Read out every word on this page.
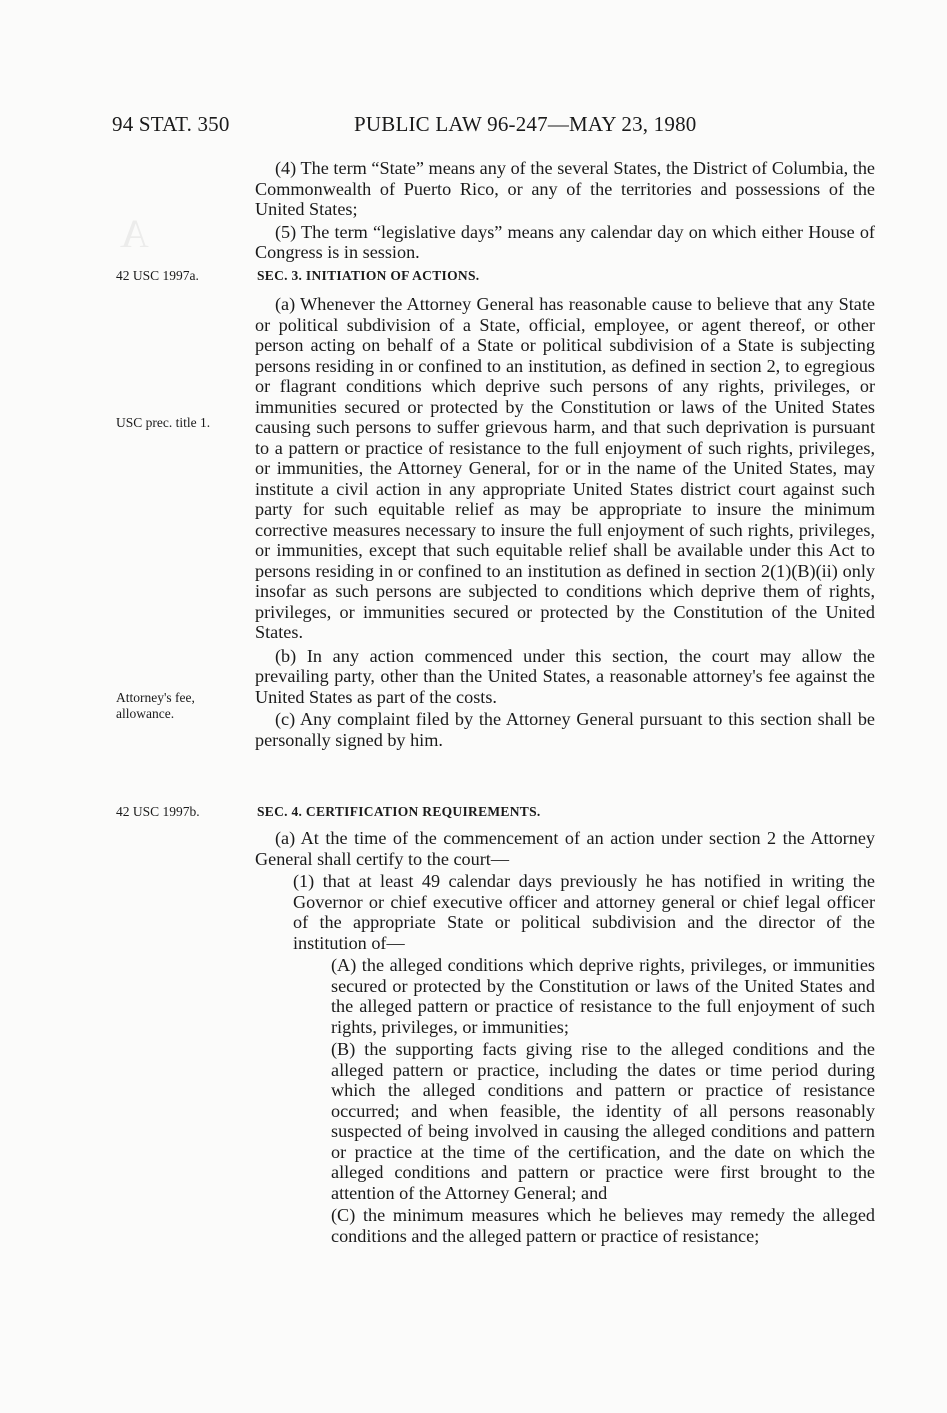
A
94 STAT. 350	PUBLIC LAW 96-247—MAY 23, 1980
42 USC 1997a.
USC prec. title 1.
Attorney's fee,
allowance.
42 USC 1997b.

(4) The term “State” means any of the several States, the District of Columbia, the Commonwealth of Puerto Rico, or any of the territories and possessions of the United States;

(5) The term “legislative days” means any calendar day on which either House of Congress is in session.

SEC. 3. INITIATION OF ACTIONS.

(a) Whenever the Attorney General has reasonable cause to believe that any State or political subdivision of a State, official, employee, or agent thereof, or other person acting on behalf of a State or political subdivision of a State is subjecting persons residing in or confined to an institution, as defined in section 2, to egregious or flagrant conditions which deprive such persons of any rights, privileges, or immunities secured or protected by the Constitution or laws of the United States causing such persons to suffer grievous harm, and that such deprivation is pursuant to a pattern or practice of resistance to the full enjoyment of such rights, privileges, or immunities, the Attorney General, for or in the name of the United States, may institute a civil action in any appropriate United States district court against such party for such equitable relief as may be appropriate to insure the minimum corrective measures necessary to insure the full enjoyment of such rights, privileges, or immunities, except that such equitable relief shall be available under this Act to persons residing in or confined to an institution as defined in section 2(1)(B)(ii) only insofar as such persons are subjected to conditions which deprive them of rights, privileges, or immunities secured or protected by the Constitution of the United States.

(b) In any action commenced under this section, the court may allow the prevailing party, other than the United States, a reasonable attorney's fee against the United States as part of the costs.

(c) Any complaint filed by the Attorney General pursuant to this section shall be personally signed by him.

SEC. 4. CERTIFICATION REQUIREMENTS.

(a) At the time of the commencement of an action under section 2 the Attorney General shall certify to the court—

(1) that at least 49 calendar days previously he has notified in writing the Governor or chief executive officer and attorney general or chief legal officer of the appropriate State or political subdivision and the director of the institution of—

(A) the alleged conditions which deprive rights, privileges, or immunities secured or protected by the Constitution or laws of the United States and the alleged pattern or practice of resistance to the full enjoyment of such rights, privileges, or immunities;

(B) the supporting facts giving rise to the alleged conditions and the alleged pattern or practice, including the dates or time period during which the alleged conditions and pattern or practice of resistance occurred; and when feasible, the identity of all persons reasonably suspected of being involved in causing the alleged conditions and pattern or practice at the time of the certification, and the date on which the alleged conditions and pattern or practice were first brought to the attention of the Attorney General; and

(C) the minimum measures which he believes may remedy the alleged conditions and the alleged pattern or practice of resistance;
